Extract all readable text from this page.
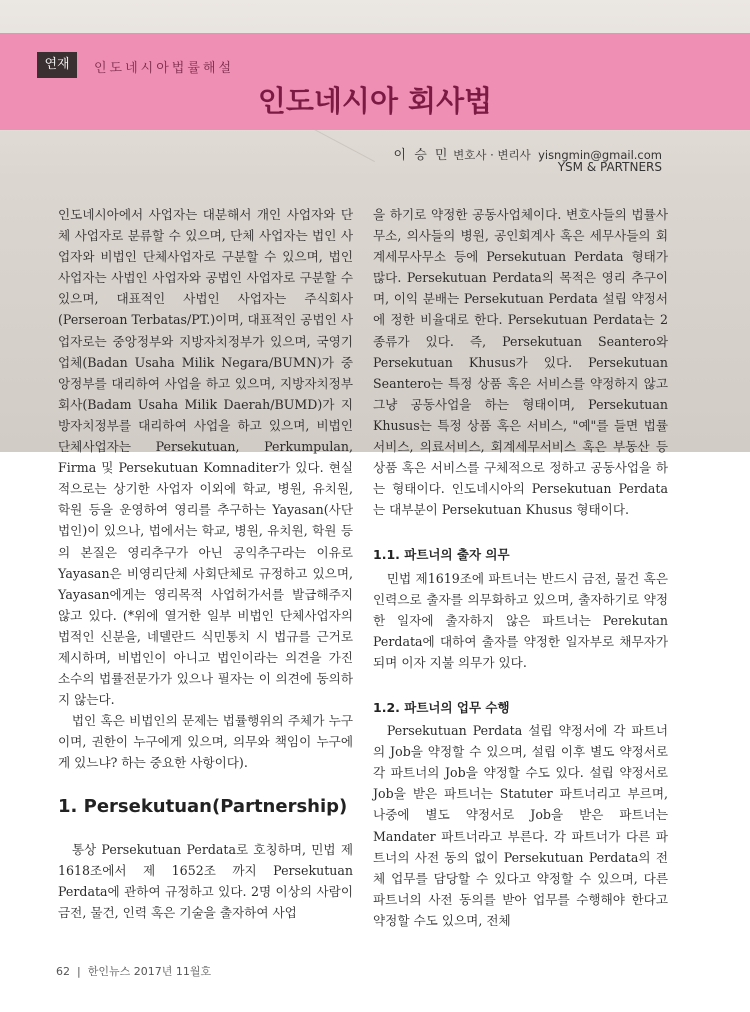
연재	인도네시아법률해설
인도네시아 회사법
이 승 민 변호사 · 변리사 yisngmin@gmail.com
YSM & PARTNERS

인도네시아에서 사업자는 대분해서 개인 사업자와 단체 사업자로 분류할 수 있으며, 단체 사업자는 법인 사업자와 비법인 단체사업자로 구분할 수 있으며, 법인 사업자는 사법인 사업자와 공법인 사업자로 구분할 수 있으며, 대표적인 사법인 사업자는 주식회사(Perseroan Terbatas/PT.)이며, 대표적인 공법인 사업자로는 중앙정부와 지방자치정부가 있으며, 국영기업체(Badan Usaha Milik Negara/BUMN)가 중앙정부를 대리하여 사업을 하고 있으며, 지방자치정부 회사(Badam Usaha Milik Daerah/BUMD)가 지방자치정부를 대리하여 사업을 하고 있으며, 비법인 단체사업자는 Persekutuan, Perkumpulan, Firma 및 Persekutuan Komnaditer가 있다. 현실적으로는 상기한 사업자 이외에 학교, 병원, 유치원, 학원 등을 운영하여 영리를 추구하는 Yayasan(사단법인)이 있으나, 법에서는 학교, 병원, 유치원, 학원 등의 본질은 영리추구가 아닌 공익추구라는 이유로 Yayasan은 비영리단체 사회단체로 규정하고 있으며, Yayasan에게는 영리목적 사업허가서를 발급해주지 않고 있다. (*위에 열거한 일부 비법인 단체사업자의 법적인 신분을, 네델란드 식민통치 시 법규를 근거로 제시하며, 비법인이 아니고 법인이라는 의견을 가진 소수의 법률전문가가 있으나 필자는 이 의견에 동의하지 않는다.

법인 혹은 비법인의 문제는 법률행위의 주체가 누구이며, 권한이 누구에게 있으며, 의무와 책임이 누구에게 있느냐? 하는 중요한 사항이다).

1. Persekutuan(Partnership)

통상 Persekutuan Perdata로 호칭하며, 민법 제 1618조에서 제 1652조 까지 Persekutuan Perdata에 관하여 규정하고 있다. 2명 이상의 사람이 금전, 물건, 인력 혹은 기술을 출자하여 사업

을 하기로 약정한 공동사업체이다. 변호사들의 법률사무소, 의사들의 병원, 공인회계사 혹은 세무사들의 회계세무사무소 등에 Persekutuan Perdata 형태가 많다. Persekutuan Perdata의 목적은 영리 추구이며, 이익 분배는 Persekutuan Perdata 설립 약정서에 정한 비율대로 한다. Persekutuan Perdata는 2 종류가 있다. 즉, Persekutuan Seantero와 Persekutuan Khusus가 있다. Persekutuan Seantero는 특정 상품 혹은 서비스를 약정하지 않고 그냥 공동사업을 하는 형태이며, Persekutuan Khusus는 특정 상품 혹은 서비스, "예"를 들면 법률서비스, 의료서비스, 회계세무서비스 혹은 부동산 등 상품 혹은 서비스를 구체적으로 정하고 공동사업을 하는 형태이다. 인도네시아의 Persekutuan Perdata는 대부분이 Persekutuan Khusus 형태이다.

1.1. 파트너의 출자 의무

민법 제1619조에 파트너는 반드시 금전, 물건 혹은 인력으로 출자를 의무화하고 있으며, 출자하기로 약정한 일자에 출자하지 않은 파트너는 Perekutan Perdata에 대하여 출자를 약정한 일자부로 채무자가 되며 이자 지불 의무가 있다.

1.2. 파트너의 업무 수행

Persekutuan Perdata 설립 약정서에 각 파트너의 Job을 약정할 수 있으며, 설립 이후 별도 약정서로 각 파트너의 Job을 약정할 수도 있다. 설립 약정서로 Job을 받은 파트너는 Statuter 파트너리고 부르며, 나중에 별도 약정서로 Job을 받은 파트너는 Mandater 파트너라고 부른다. 각 파트너가 다른 파트너의 사전 동의 없이 Persekutuan Perdata의 전체 업무를 담당할 수 있다고 약정할 수 있으며, 다른 파트너의 사전 동의를 받아 업무를 수행해야 한다고 약정할 수도 있으며, 전체

62 | 한인뉴스 2017년 11월호
